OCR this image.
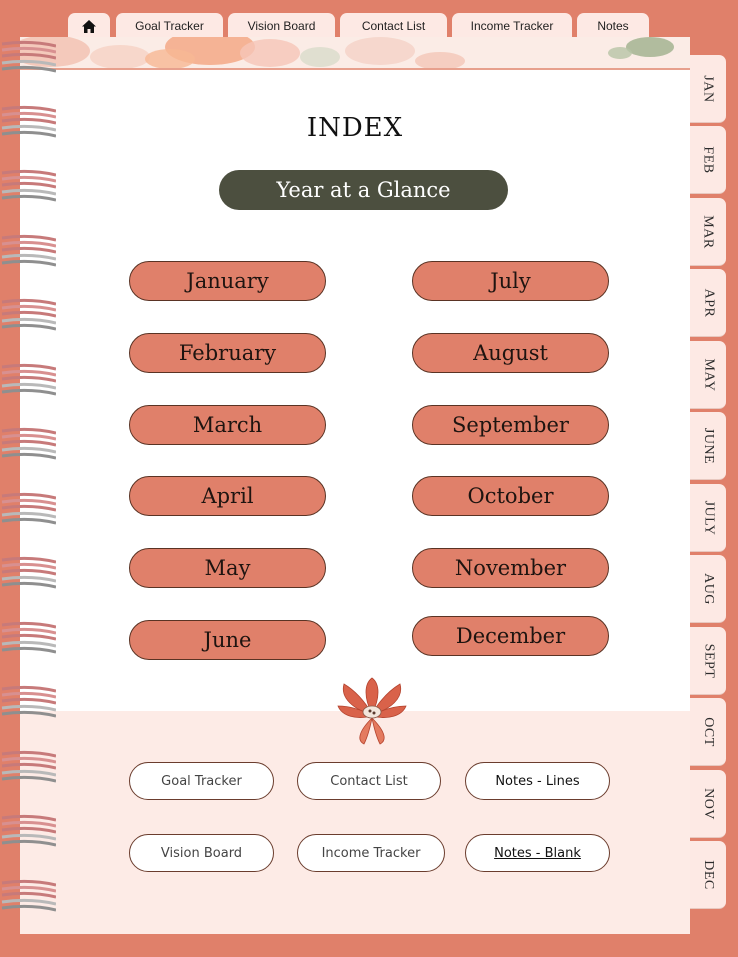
Goal Tracker	Vision Board	Contact List	Income Tracker	Notes
JAN
FEB
MAR
APR
MAY
JUNE
JULY
AUG
SEPT
OCT
NOV
DEC
INDEX
Year at a Glance
January
February
March
April
May
June
July
August
September
October
November
December
Goal Tracker	Contact List	Notes - Lines
Vision Board	Income Tracker	Notes - Blank
